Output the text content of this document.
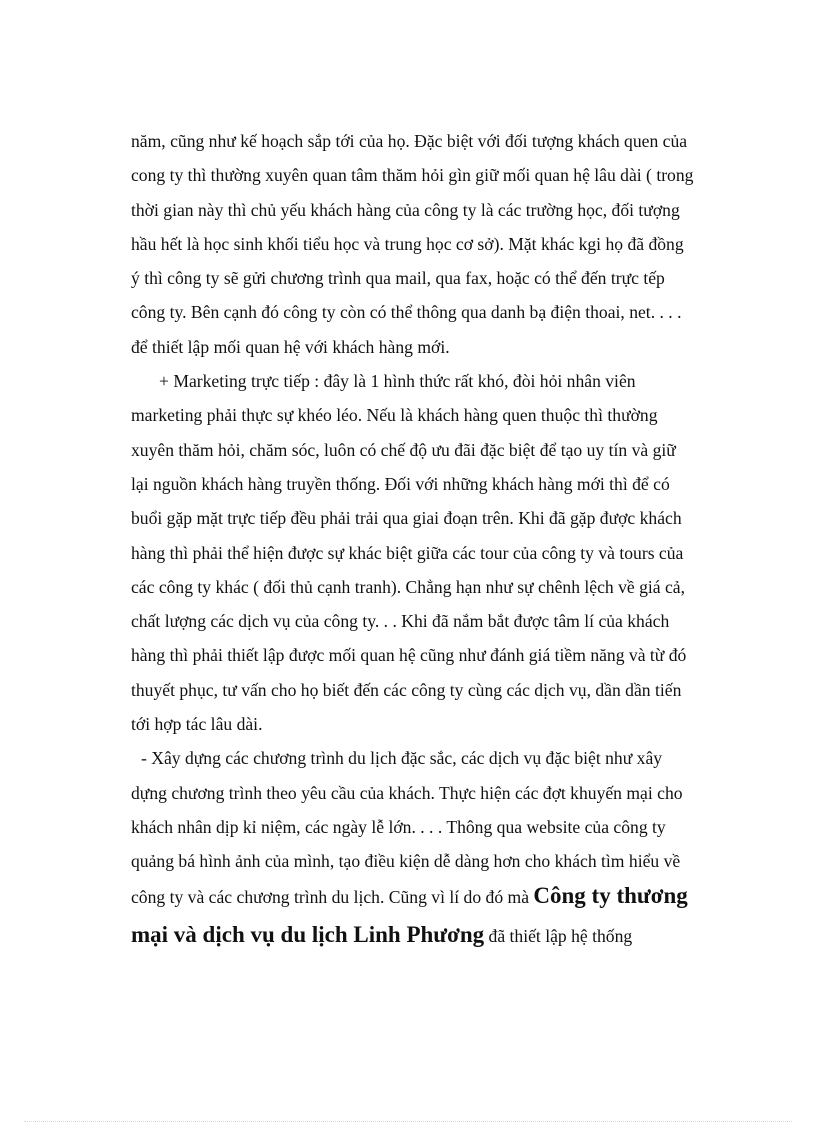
năm, cũng như kế hoạch sắp tới của họ. Đặc biệt với đối tượng khách quen của
cong ty thì thường xuyên quan tâm thăm hỏi gìn giữ mối quan hệ lâu dài ( trong
thời gian này thì chủ yếu khách hàng của công ty là các trường học, đối tượng
hầu hết là học sinh khối tiểu học và trung học cơ sở). Mặt khác kgi họ đã đồng
ý thì công ty sẽ gửi chương trình qua mail, qua fax, hoặc có thể đến trực tếp
công ty. Bên cạnh đó công ty còn có thể thông qua danh bạ điện thoai, net. . . .
để thiết lập mối quan hệ với khách hàng mới.
+ Marketing trực tiếp : đây là 1 hình thức rất khó, đòi hỏi nhân viên
marketing phải thực sự khéo léo. Nếu là khách hàng quen thuộc thì thường
xuyên thăm hỏi, chăm sóc, luôn có chế độ ưu đãi đặc biệt để tạo uy tín và giữ
lại nguồn khách hàng truyền thống. Đối với những khách hàng mới thì để có
buổi gặp mặt trực tiếp đều phải trải qua giai đoạn trên. Khi đã gặp được khách
hàng thì phải thể hiện được sự khác biệt giữa các tour của công ty và tours của
các công ty khác ( đối thủ cạnh tranh). Chẳng hạn như sự chênh lệch về giá cả,
chất lượng các dịch vụ của công ty. . . Khi đã nắm bắt được tâm lí của khách
hàng thì phải thiết lập được mối quan hệ cũng như đánh giá tiềm năng và từ đó
thuyết phục, tư vấn cho họ biết đến các công ty cùng các dịch vụ, dần dần tiến
tới hợp tác lâu dài.
- Xây dựng các chương trình du lịch đặc sắc, các dịch vụ đặc biệt như xây
dựng chương trình theo yêu cầu của khách. Thực hiện các đợt khuyến mại cho
khách nhân dịp kỉ niệm, các ngày lễ lớn. . . . Thông qua website của công ty
quảng bá hình ảnh của mình, tạo điều kiện dễ dàng hơn cho khách tìm hiểu về
công ty và các chương trình du lịch. Cũng vì lí do đó mà Công ty thương
mại và dịch vụ du lịch Linh Phương đã thiết lập hệ thống
